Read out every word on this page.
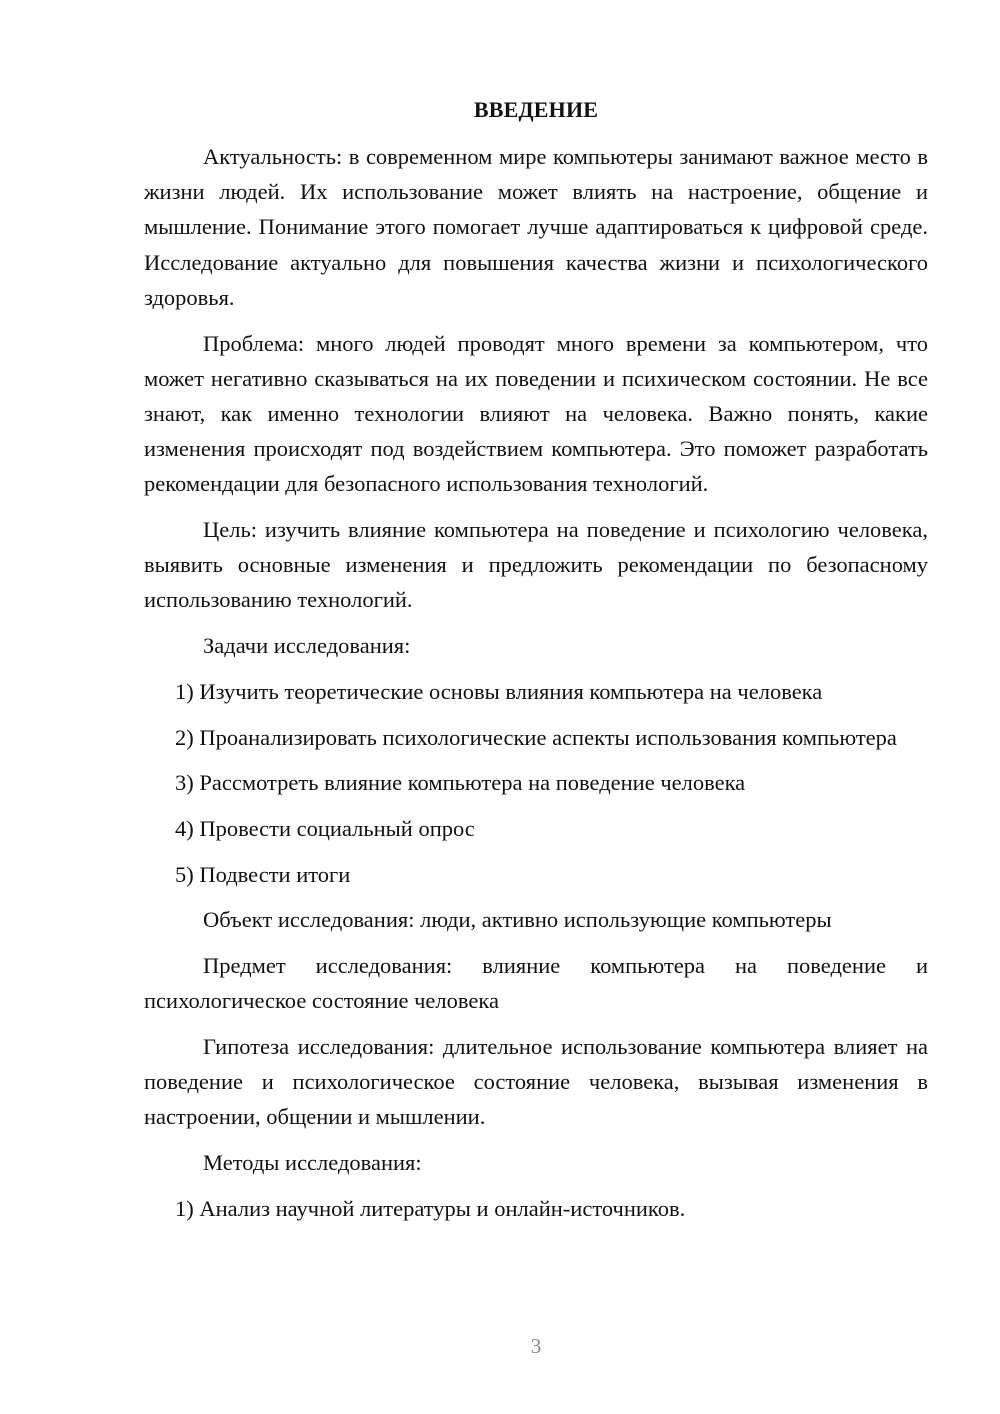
ВВЕДЕНИЕ

Актуальность: в современном мире компьютеры занимают важное место в жизни людей. Их использование может влиять на настроение, общение и мышление. Понимание этого помогает лучше адаптироваться к цифровой среде. Исследование актуально для повышения качества жизни и психологического здоровья.

Проблема: много людей проводят много времени за компьютером, что может негативно сказываться на их поведении и психическом состоянии. Не все знают, как именно технологии влияют на человека. Важно понять, какие изменения происходят под воздействием компьютера. Это поможет разработать рекомендации для безопасного использования технологий.

Цель: изучить влияние компьютера на поведение и психологию человека, выявить основные изменения и предложить рекомендации по безопасному использованию технологий.

Задачи исследования:

1) Изучить теоретические основы влияния компьютера на человека

2) Проанализировать психологические аспекты использования компьютера

3) Рассмотреть влияние компьютера на поведение человека

4) Провести социальный опрос

5) Подвести итоги

Объект исследования: люди, активно использующие компьютеры

Предмет исследования: влияние компьютера на поведение и психологическое состояние человека

Гипотеза исследования: длительное использование компьютера влияет на поведение и психологическое состояние человека, вызывая изменения в настроении, общении и мышлении.

Методы исследования:

1) Анализ научной литературы и онлайн-источников.

3
